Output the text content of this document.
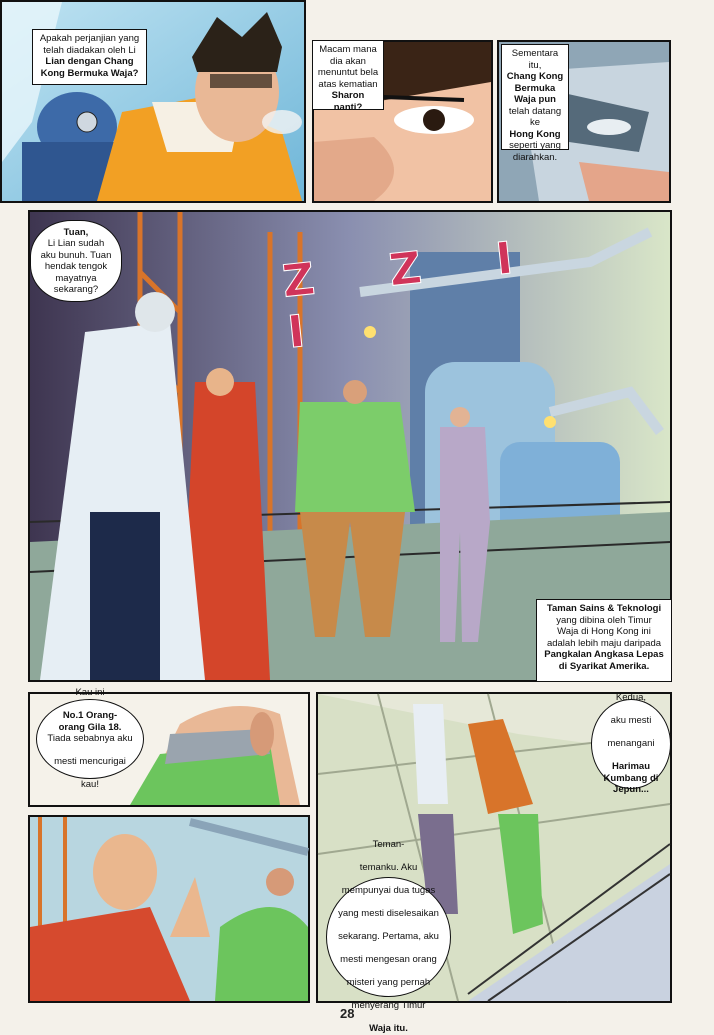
Apakah perjanjian yang
telah diadakan oleh Li
Lian dengan Chang
Kong Bermuka Waja?
Macam mana
dia akan
menuntut bela
atas kematian
Sharon nanti?
Sementara itu,
Chang Kong
Bermuka
Waja pun telah datang ke
Hong Kong
seperti yang
diarahkan.
Z Z I I
Tuan,

Li Lian sudah
aku bunuh. Tuan
hendak tengok
mayatnya
sekarang?
Taman Sains & Teknologi
yang dibina oleh Timur
Waja di Hong Kong ini
adalah lebih maju daripada
Pangkalan Angkasa Lepas
di Syarikat Amerika.
Kau ini

No.1 Orang-
orang Gila 18.

Tiada sebabnya aku

mesti mencurigai

kau!
Kedua,

aku mesti

menangani

Harimau
Kumbang di
Jepun...
Teman-

temanku. Aku

mempunyai dua tugas

yang mesti diselesaikan

sekarang. Pertama, aku

mesti mengesan orang

misteri yang pernah

menyerang Timur

Waja itu.
28
